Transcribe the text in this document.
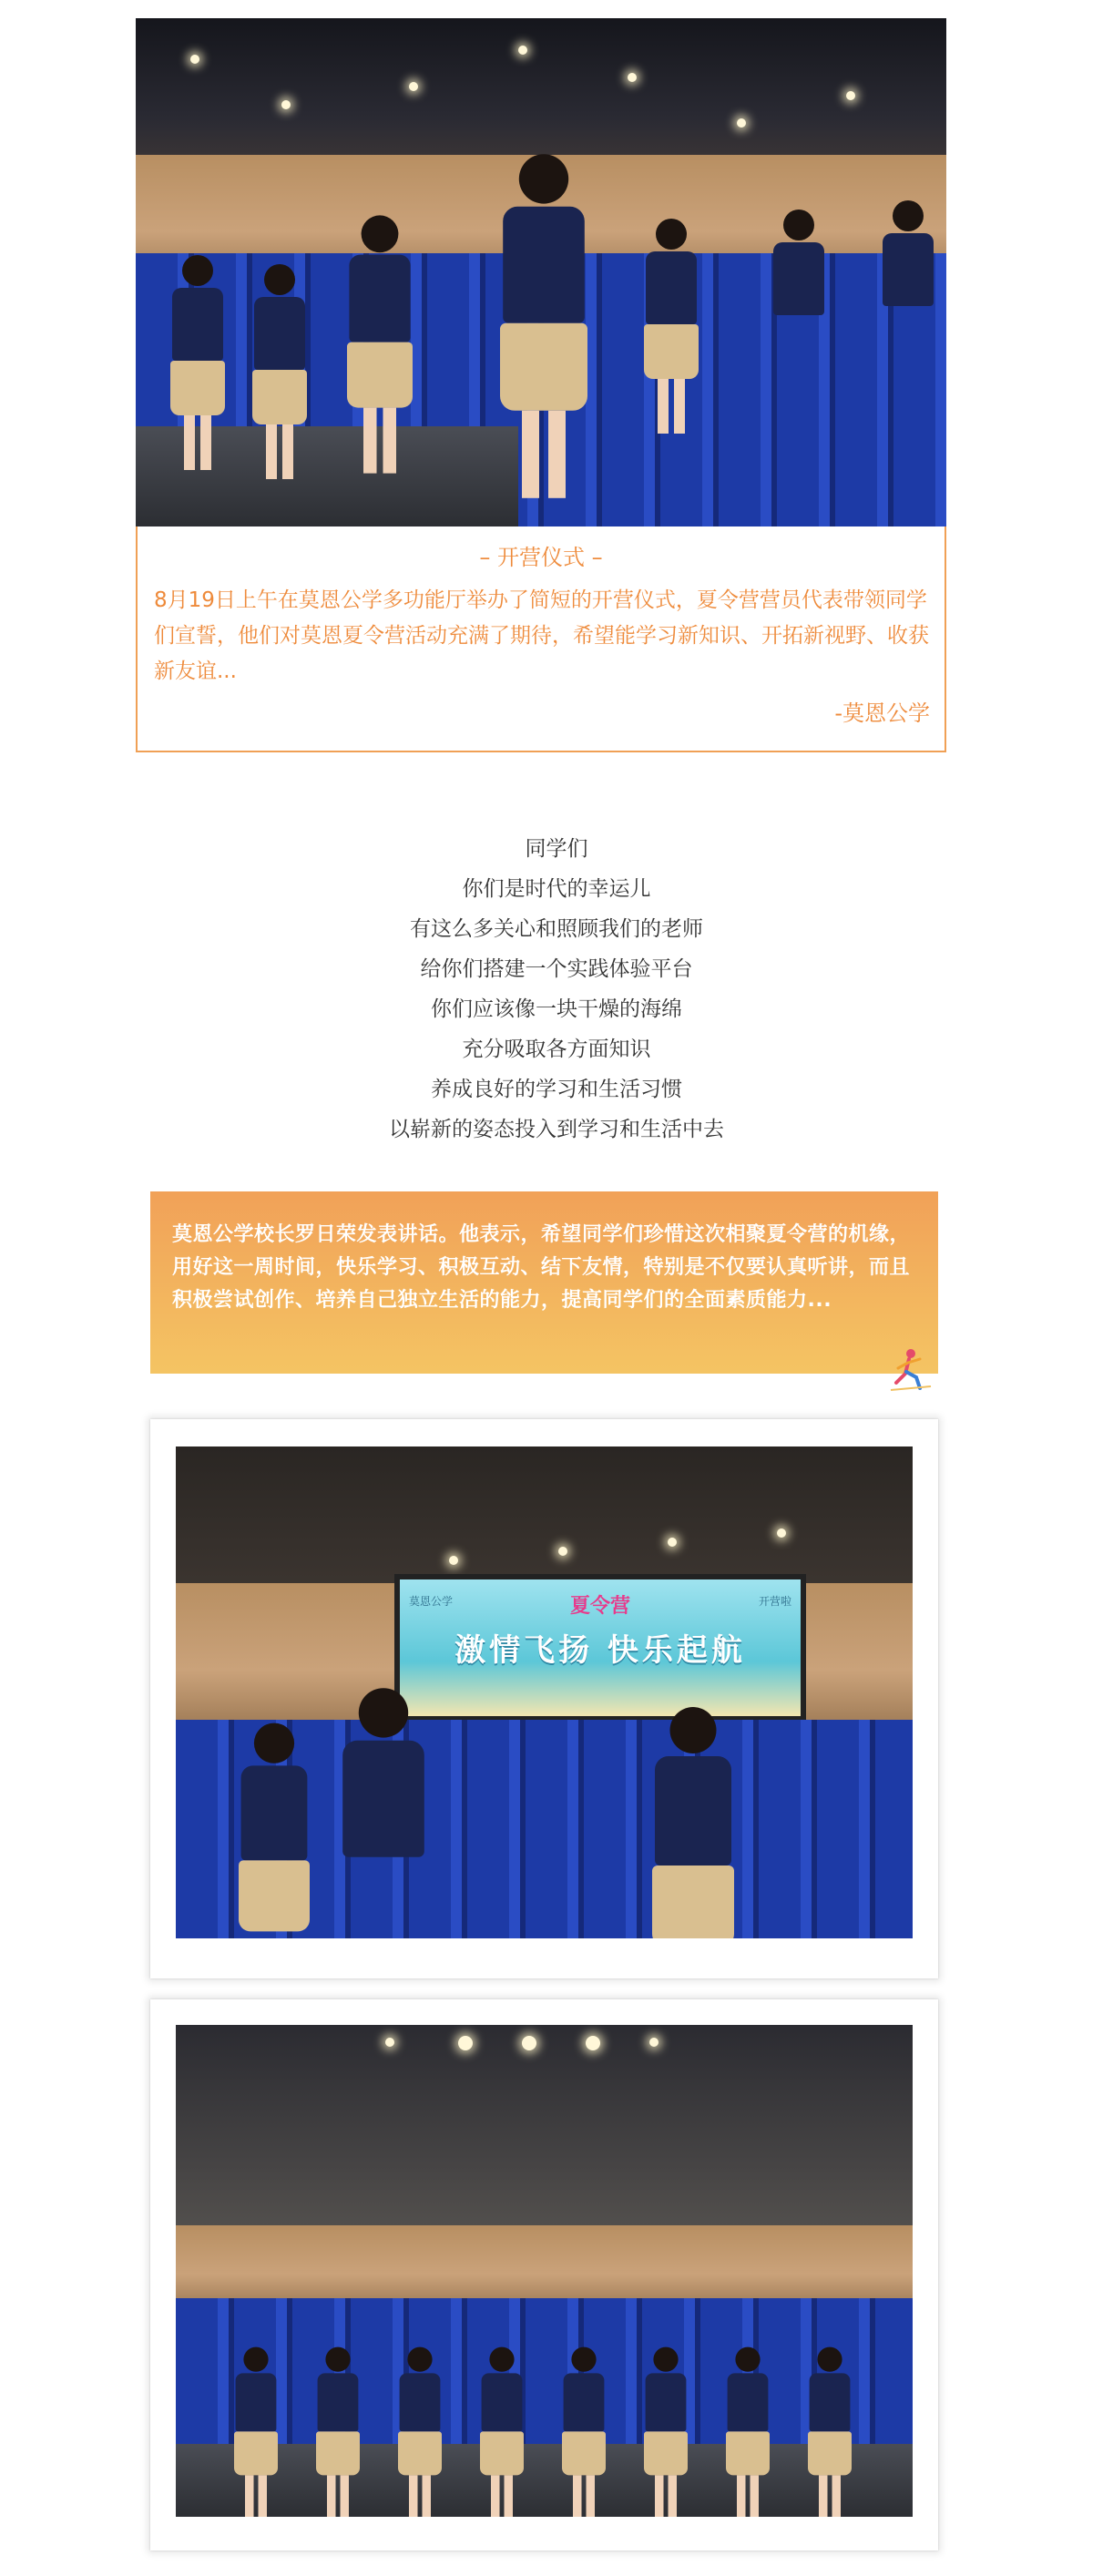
– 开营仪式 –
8月19日上午在莫恩公学多功能厅举办了简短的开营仪式，夏令营营员代表带领同学们宣誓，他们对莫恩夏令营活动充满了期待，希望能学习新知识、开拓新视野、收获新友谊...
-莫恩公学
同学们
你们是时代的幸运儿
有这么多关心和照顾我们的老师
给你们搭建一个实践体验平台
你们应该像一块干燥的海绵
充分吸取各方面知识
养成良好的学习和生活习惯
以崭新的姿态投入到学习和生活中去
莫恩公学校长罗日荣发表讲话。他表示，希望同学们珍惜这次相聚夏令营的机缘，用好这一周时间，快乐学习、积极互动、结下友情，特别是不仅要认真听讲，而且积极尝试创作、培养自己独立生活的能力，提高同学们的全面素质能力...
莫恩公学	夏令营	开营啦
激情飞扬 快乐起航
